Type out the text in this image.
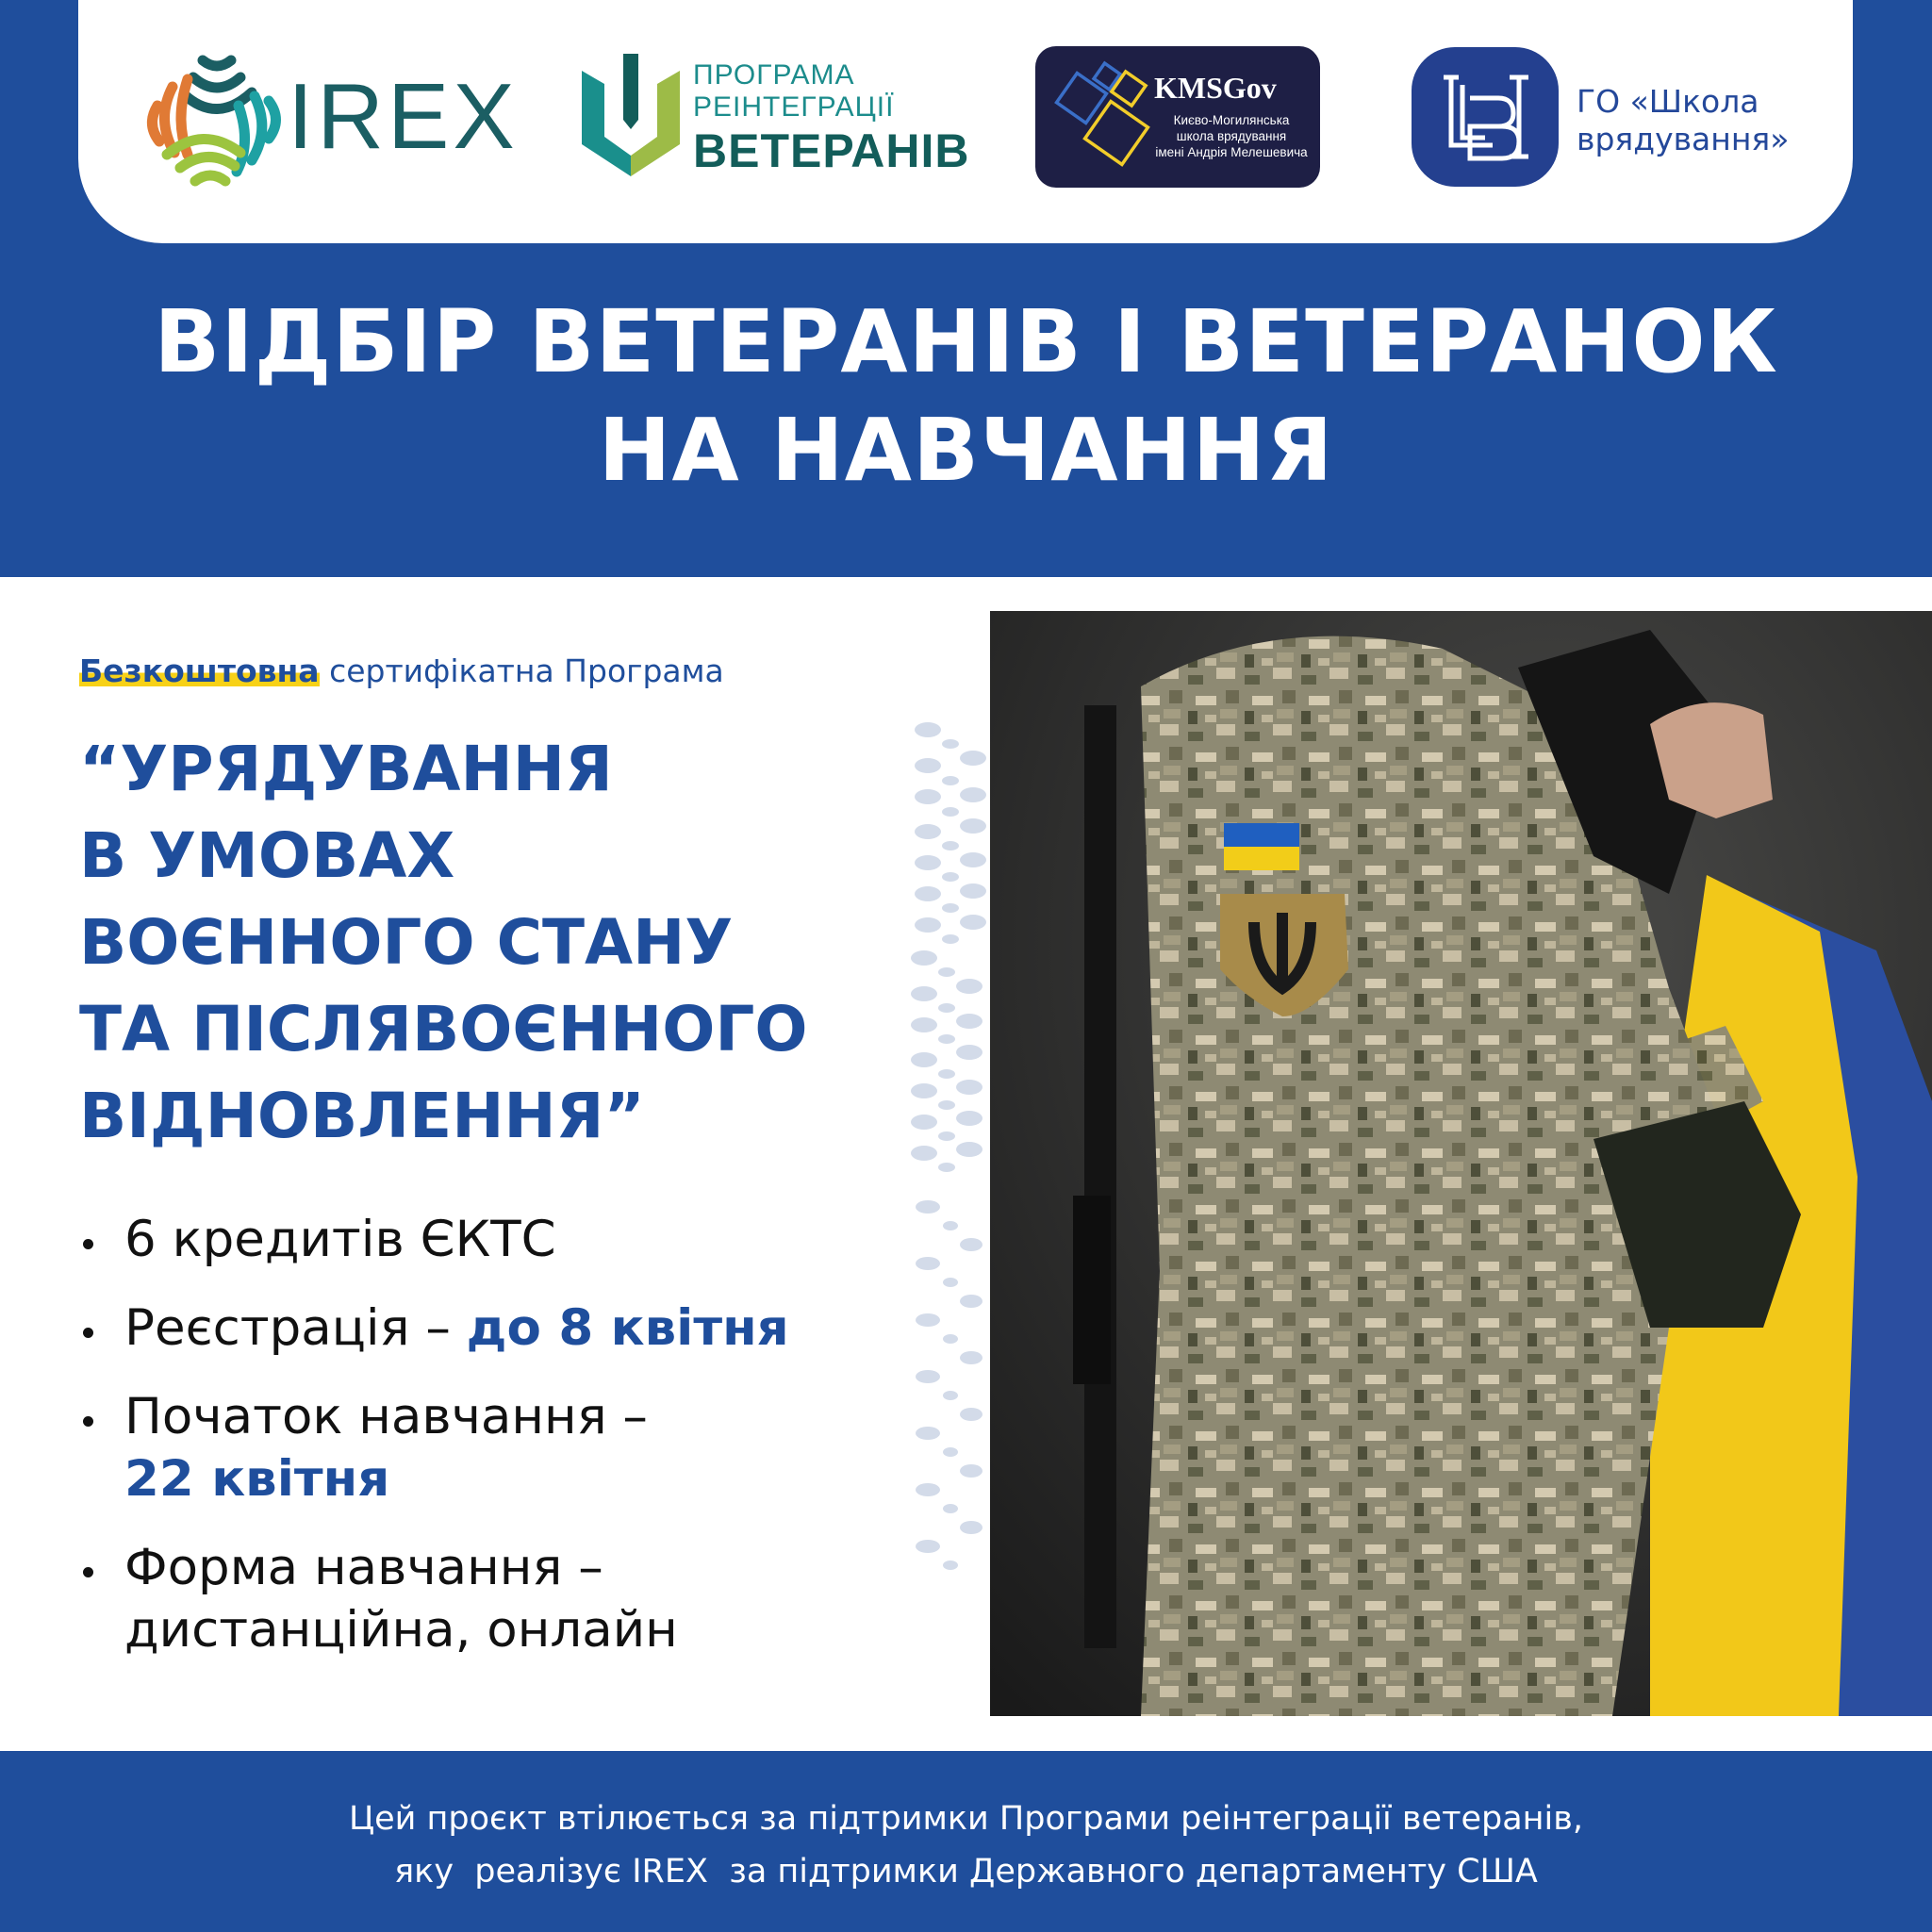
IREX	ПРОГРАМА
РЕІНТЕГРАЦІЇ
ВЕТЕРАНІВ
KMSGov
Києво-Могилянська
школа врядування
імені Андрія Мелешевича
ГО «Школа
врядування»
ВІДБІР ВЕТЕРАНІВ І ВЕТЕРАНОК
НА НАВЧАННЯ
Безкоштовна сертифікатна Програма
“УРЯДУВАННЯ
В УМОВАХ
ВОЄННОГО СТАНУ
ТА ПІСЛЯВОЄННОГО
ВІДНОВЛЕННЯ”
6 кредитів ЄКТС
Реєстрація – до 8 квітня
Початок навчання –
22 квітня
Форма навчання –
дистанційна, онлайн
Цей проєкт втілюється за підтримки Програми реінтеграції ветеранів,
яку  реалізує IREX  за підтримки Державного департаменту США
